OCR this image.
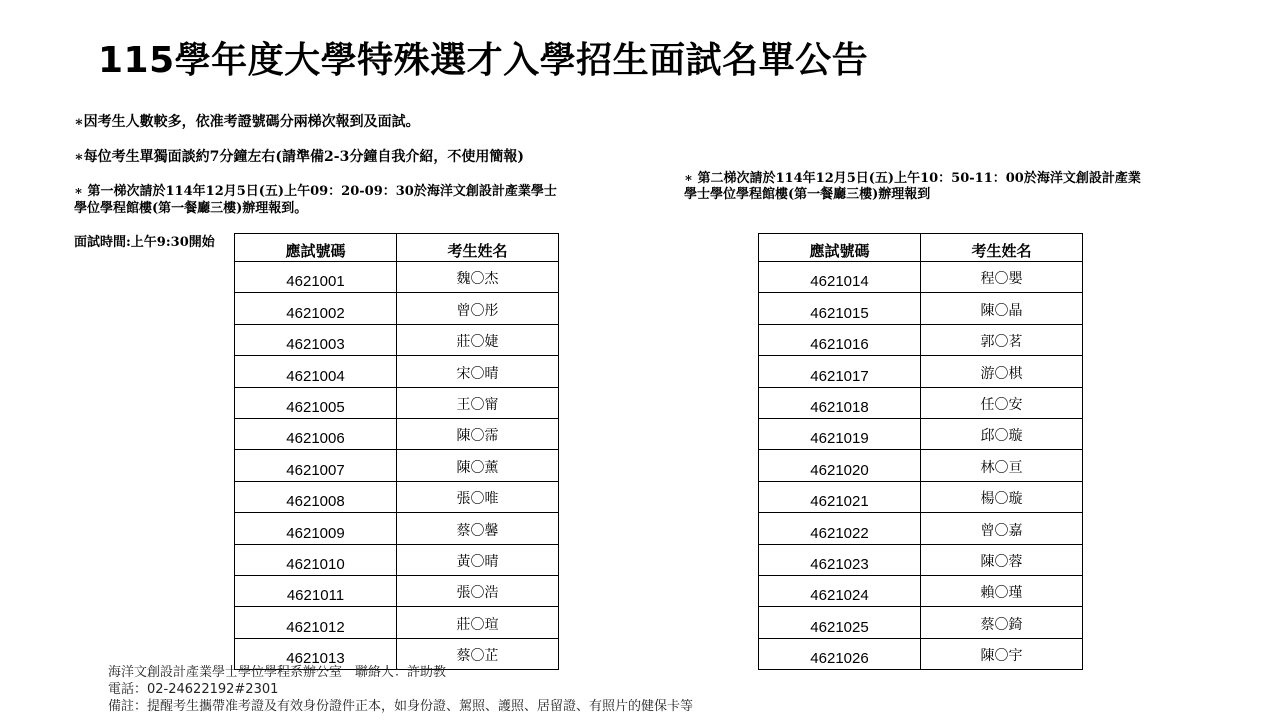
115學年度大學特殊選才入學招生面試名單公告
∗因考生人數較多，依准考證號碼分兩梯次報到及面試。
∗每位考生單獨面談約7分鐘左右(請準備2-3分鐘自我介紹，不使用簡報)
∗ 第一梯次請於114年12月5日(五)上午09：20-09：30於海洋文創設計產業學士
學位學程館樓(第一餐廳三樓)辦理報到。
∗ 第二梯次請於114年12月5日(五)上午10：50-11：00於海洋文創設計產業
學士學位學程館樓(第一餐廳三樓)辦理報到
面試時間:上午9:30開始	應試號碼	考生姓名
4621001	魏〇杰
4621002	曾〇彤
4621003	莊〇婕
4621004	宋〇晴
4621005	王〇甯
4621006	陳〇霈
4621007	陳〇薰
4621008	張〇唯
4621009	蔡〇馨
4621010	黃〇晴
4621011	張〇浩
4621012	莊〇瑄
4621013	蔡〇芷
應試號碼	考生姓名
4621014	程〇嬰
4621015	陳〇晶
4621016	郭〇茗
4621017	游〇棋
4621018	任〇安
4621019	邱〇璇
4621020	林〇亘
4621021	楊〇璇
4621022	曾〇嘉
4621023	陳〇蓉
4621024	賴〇瑾
4621025	蔡〇錡
4621026	陳〇宇
海洋文創設計產業學士學位學程系辦公室 聯絡人：許助教
電話：02-24622192#2301
備註：提醒考生攜帶准考證及有效身份證件正本，如身份證、駕照、護照、居留證、有照片的健保卡等
